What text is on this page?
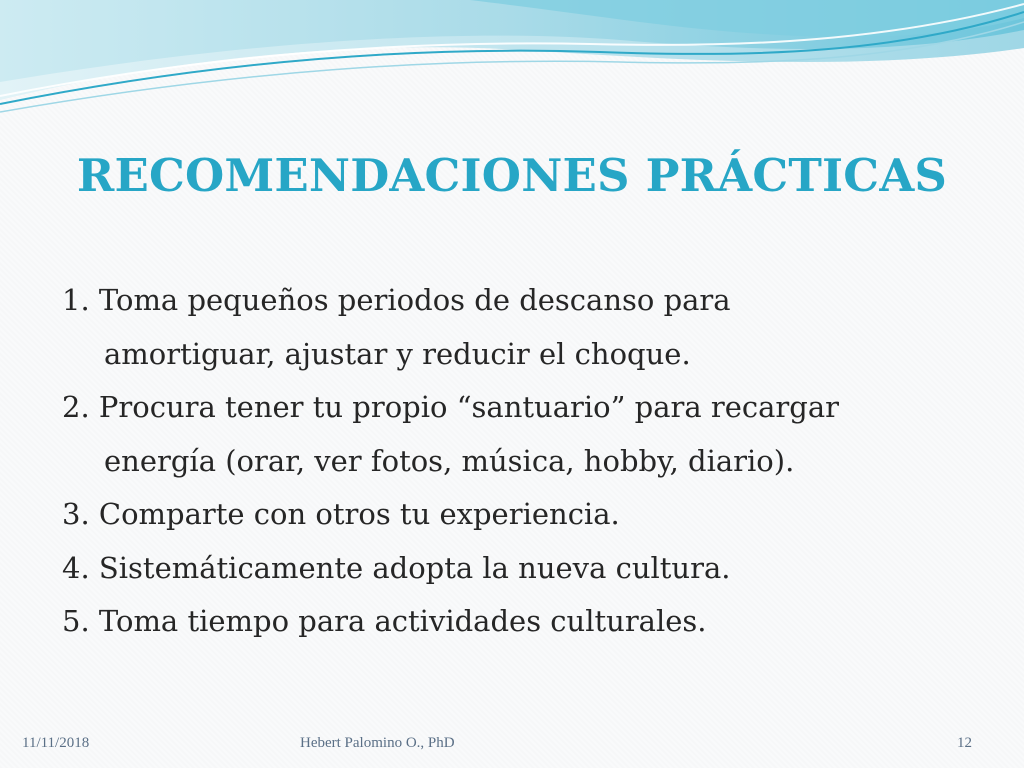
RECOMENDACIONES PRÁCTICAS
1. Toma pequeños periodos de descanso para
amortiguar, ajustar y reducir el choque.
2. Procura tener tu propio “santuario” para recargar
energía (orar, ver fotos, música, hobby, diario).
3. Comparte con otros tu experiencia.
4. Sistemáticamente adopta la nueva cultura.
5. Toma tiempo para actividades culturales.
11/11/2018	Hebert Palomino O., PhD	12
